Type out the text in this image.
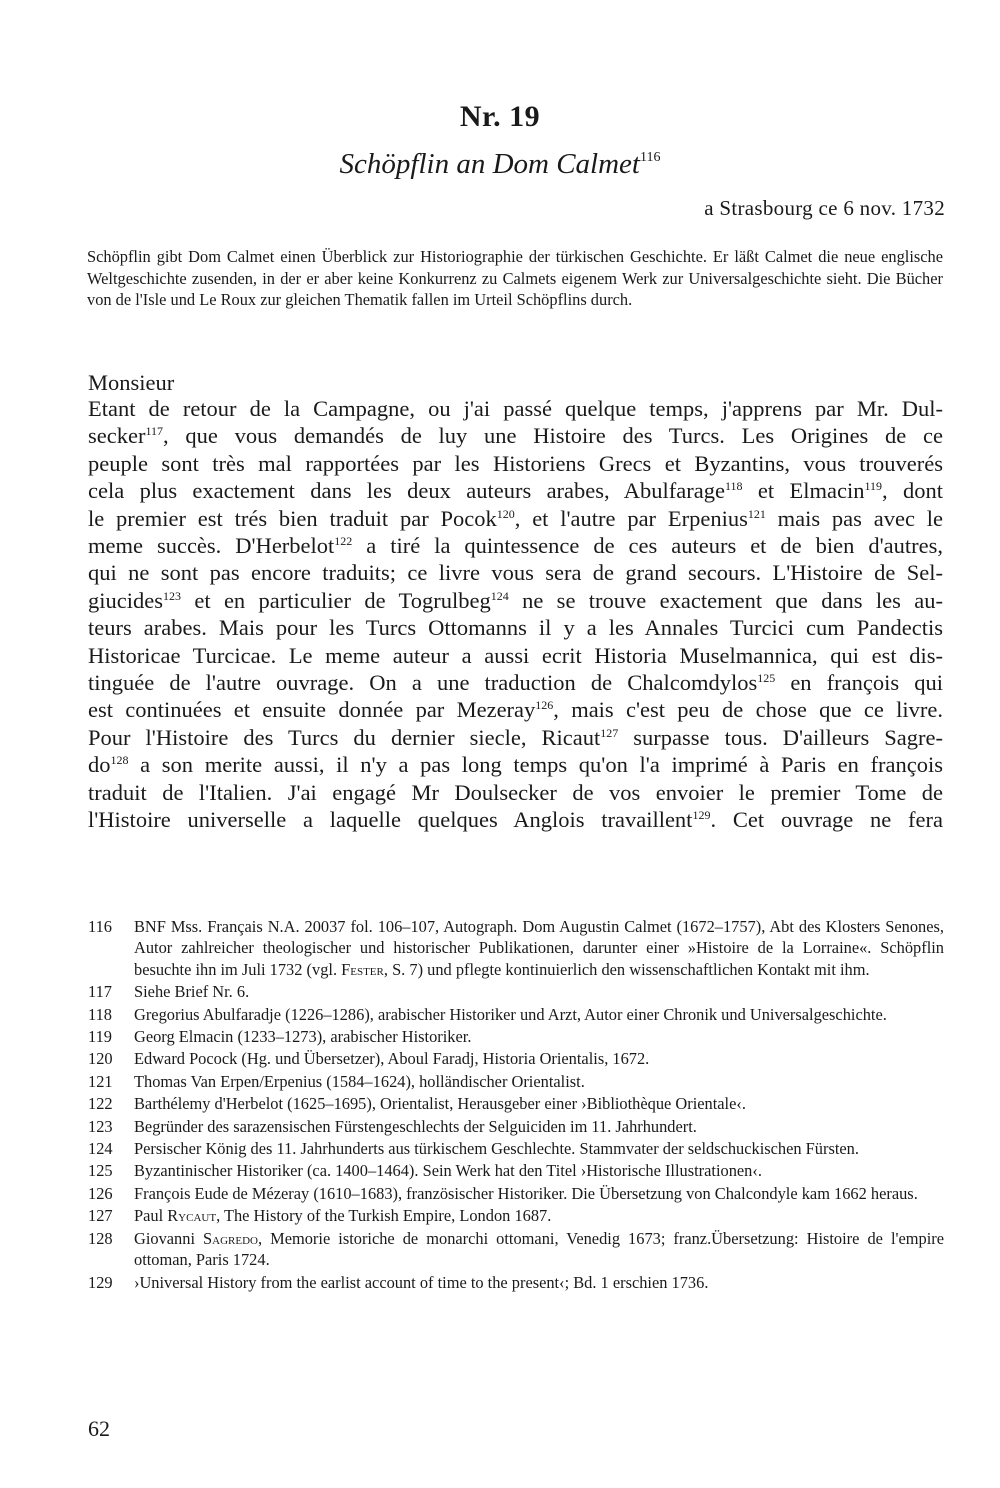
Nr. 19
Schöpflin an Dom Calmet$^{116}$
a Strasbourg ce 6 nov. 1732
Schöpflin gibt Dom Calmet einen Überblick zur Historiographie der türkischen Geschichte. Er läßt Calmet die neue englische Weltgeschichte zusenden, in der er aber keine Konkurrenz zu Calmets eigenem Werk zur Universalgeschichte sieht. Die Bücher von de l'Isle und Le Roux zur gleichen Thematik fallen im Urteil Schöpflins durch.
Monsieur
Etant de retour de la Campagne, ou j'ai passé quelque temps, j'apprens par Mr. Dul-
secker$^{117}$, que vous demandés de luy une Histoire des Turcs. Les Origines de ce
peuple sont très mal rapportées par les Historiens Grecs et Byzantins, vous trouverés
cela plus exactement dans les deux auteurs arabes, Abulfarage$^{118}$ et Elmacin$^{119}$, dont
le premier est trés bien traduit par Pocok$^{120}$, et l'autre par Erpenius$^{121}$ mais pas avec le
meme succès. D'Herbelot$^{122}$ a tiré la quintessence de ces auteurs et de bien d'autres,
qui ne sont pas encore traduits; ce livre vous sera de grand secours. L'Histoire de Sel-
giucides$^{123}$ et en particulier de Togrulbeg$^{124}$ ne se trouve exactement que dans les au-
teurs arabes. Mais pour les Turcs Ottomanns il y a les Annales Turcici cum Pandectis
Historicae Turcicae. Le meme auteur a aussi ecrit Historia Muselmannica, qui est dis-
tinguée de l'autre ouvrage. On a une traduction de Chalcomdylos$^{125}$ en françois qui
est continuées et ensuite donnée par Mezeray$^{126}$, mais c'est peu de chose que ce livre.
Pour l'Histoire des Turcs du dernier siecle, Ricaut$^{127}$ surpasse tous. D'ailleurs Sagre-
$do^{128}$ a son merite aussi, il n'y a pas long temps qu'on l'a imprimé à Paris en françois
traduit de l'Italien. J'ai engagé Mr Doulsecker de vos envoier le premier Tome de
l'Histoire universelle a laquelle quelques Anglois travaillent$^{129}$. Cet ouvrage ne fera
116	BNF Mss. Français N.A. 20037 fol. 106–107, Autograph. Dom Augustin Calmet (1672–1757), Abt des Klosters Senones, Autor zahlreicher theologischer und historischer Publikationen, darunter einer »Histoire de la Lorraine«. Schöpflin besuchte ihn im Juli 1732 (vgl. Fester, S. 7) und pflegte kontinuierlich den wissenschaftlichen Kontakt mit ihm.
117	Siehe Brief Nr. 6.
118	Gregorius Abulfaradje (1226–1286), arabischer Historiker und Arzt, Autor einer Chronik und Universalgeschichte.
119	Georg Elmacin (1233–1273), arabischer Historiker.
120	Edward Pocock (Hg. und Übersetzer), Aboul Faradj, Historia Orientalis, 1672.
121	Thomas Van Erpen/Erpenius (1584–1624), holländischer Orientalist.
122	Barthélemy d'Herbelot (1625–1695), Orientalist, Herausgeber einer ›Bibliothèque Orientale‹.
123	Begründer des sarazensischen Fürstengeschlechts der Selguiciden im 11. Jahrhundert.
124	Persischer König des 11. Jahrhunderts aus türkischem Geschlechte. Stammvater der seldschuckischen Fürsten.
125	Byzantinischer Historiker (ca. 1400–1464). Sein Werk hat den Titel ›Historische Illustrationen‹.
126	François Eude de Mézeray (1610–1683), französischer Historiker. Die Übersetzung von Chalcondyle kam 1662 heraus.
127	Paul Rycaut, The History of the Turkish Empire, London 1687.
128	Giovanni Sagredo, Memorie istoriche de monarchi ottomani, Venedig 1673; franz.Übersetzung: Histoire de l'empire ottoman, Paris 1724.
129	›Universal History from the earlist account of time to the present‹; Bd. 1 erschien 1736.
62
